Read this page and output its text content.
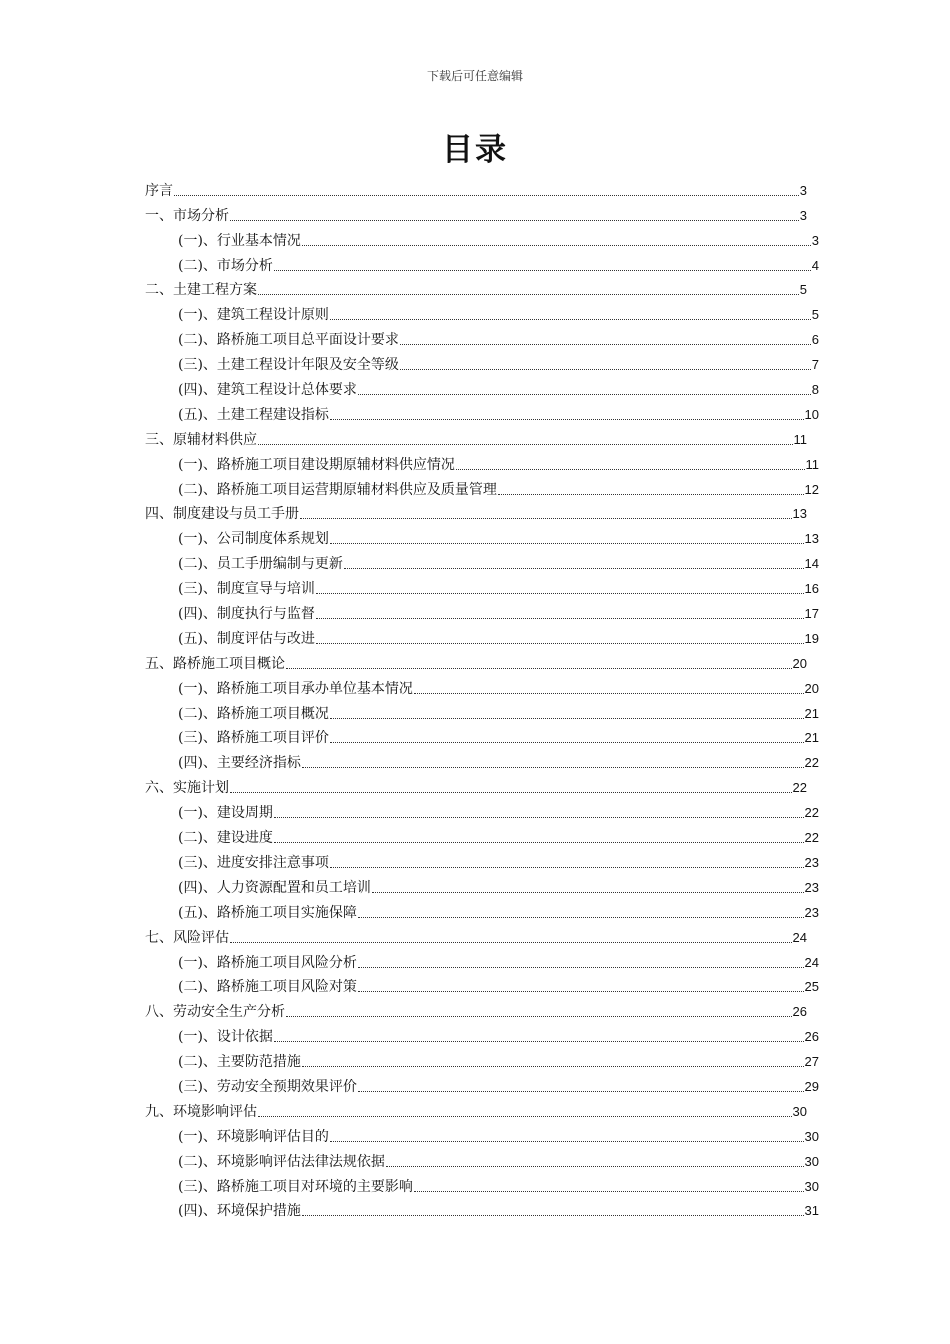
下载后可任意编辑
目录
序言	3
一、市场分析	3
(一)、行业基本情况	3
(二)、市场分析	4
二、土建工程方案	5
(一)、建筑工程设计原则	5
(二)、路桥施工项目总平面设计要求	6
(三)、土建工程设计年限及安全等级	7
(四)、建筑工程设计总体要求	8
(五)、土建工程建设指标	10
三、原辅材料供应	11
(一)、路桥施工项目建设期原辅材料供应情况	11
(二)、路桥施工项目运营期原辅材料供应及质量管理	12
四、制度建设与员工手册	13
(一)、公司制度体系规划	13
(二)、员工手册编制与更新	14
(三)、制度宣导与培训	16
(四)、制度执行与监督	17
(五)、制度评估与改进	19
五、路桥施工项目概论	20
(一)、路桥施工项目承办单位基本情况	20
(二)、路桥施工项目概况	21
(三)、路桥施工项目评价	21
(四)、主要经济指标	22
六、实施计划	22
(一)、建设周期	22
(二)、建设进度	22
(三)、进度安排注意事项	23
(四)、人力资源配置和员工培训	23
(五)、路桥施工项目实施保障	23
七、风险评估	24
(一)、路桥施工项目风险分析	24
(二)、路桥施工项目风险对策	25
八、劳动安全生产分析	26
(一)、设计依据	26
(二)、主要防范措施	27
(三)、劳动安全预期效果评价	29
九、环境影响评估	30
(一)、环境影响评估目的	30
(二)、环境影响评估法律法规依据	30
(三)、路桥施工项目对环境的主要影响	30
(四)、环境保护措施	31
